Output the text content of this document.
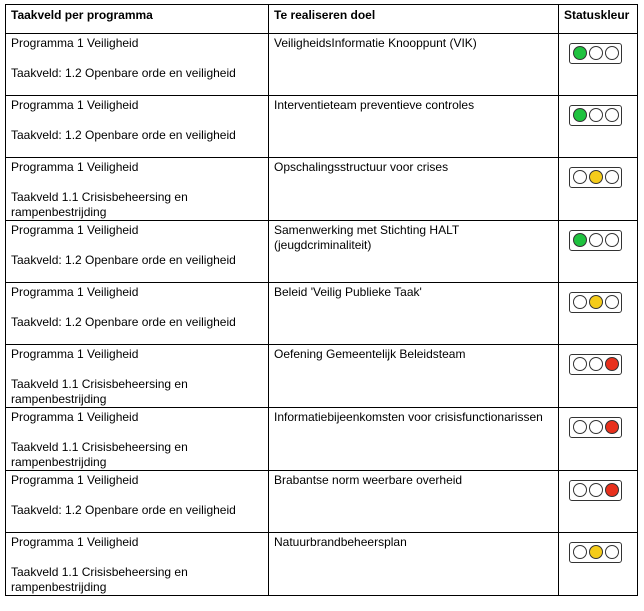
Taakveld per programma	Te realiseren doel	Statuskleur

Programma 1 Veiligheid
Taakveld: 1.2 Openbare orde en veiligheid	VeiligheidsInformatie Knooppunt (VIK)	

Programma 1 Veiligheid
Taakveld: 1.2 Openbare orde en veiligheid	Interventieteam preventieve controles	

Programma 1 Veiligheid
Taakveld 1.1 Crisisbeheersing en rampenbestrijding	Opschalingsstructuur voor crises	

Programma 1 Veiligheid
Taakveld: 1.2 Openbare orde en veiligheid	Samenwerking met Stichting HALT (jeugdcriminaliteit)	

Programma 1 Veiligheid
Taakveld: 1.2 Openbare orde en veiligheid	Beleid 'Veilig Publieke Taak'	

Programma 1 Veiligheid
Taakveld 1.1 Crisisbeheersing en rampenbestrijding	Oefening Gemeentelijk Beleidsteam	

Programma 1 Veiligheid
Taakveld 1.1 Crisisbeheersing en rampenbestrijding	Informatiebijeenkomsten voor crisisfunctionarissen	

Programma 1 Veiligheid
Taakveld: 1.2 Openbare orde en veiligheid	Brabantse norm weerbare overheid	

Programma 1 Veiligheid
Taakveld 1.1 Crisisbeheersing en rampenbestrijding	Natuurbrandbeheersplan	
